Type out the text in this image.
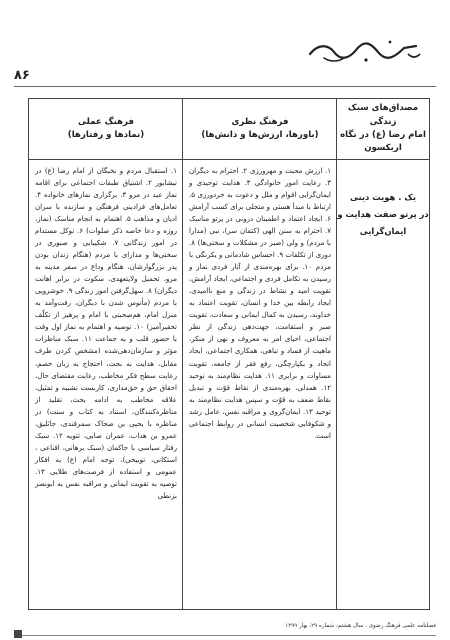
۸۶
مصداق‌های سبک زندگی
امام رضا (ع) در نگاه
اربکسون
فرهنگ نظری
(باورها، ارزش‌ها و دانش‌ها)
فرهنگ عملی
(نمادها و رفتارها)
یک . هویت دینی
در پرتو صفت هدایت و
ایمان‌گرایی

۱. ارزش محبت و مهرورزی ۲. احترام به دیگران ۳. رعایت امور خانوادگی ۴. هدایت توحیدی و ایمان‌گرایی اقوام و ملل و دعوت به خردورزی ۵. ارتباط با مبدأ هستی و متجلی برای کسب آرامش ۶. ایجاد اعتماد و اطمینان درونی در پرتو مناسک ۷. احترام به سنن الهی (کتمان سر)، نبی (مدارا با مردم) و ولی (صبر در مشکلات و سختی‌ها) ۸. دوری از تکلفات ۹. احساس شادمانی و یکرنگی با مردم ۱۰. برای بهره‌مندی از آثار فردی نماز و رسیدن به تکامل فردی و اجتماعی، ایجاد آرامش، تقویت امید و نشاط در زندگی و منع ناامیدی، ایجاد رابطه بین خدا و انسان، تقویت اعتماد به خداوند، رسیدن به کمال ایمانی و سعادت، تقویت صبر و استقامت، جهت‌دهی زندگی از نظر اجتماعی، احیای امر به معروف و نهی از منکر، ماهیت از فساد و تباهی، همکاری اجتماعی، ایجاد اتحاد و یکپارچگی، رفع فقر از جامعه، تقویت مساوات و برابری ۱۱. هدایت نظام‌مند به توحید ۱۲. همدلی، بهره‌مندی از نقاط قوّت و تبدیل نقاط ضعف به قوّت و سپس هدایت نظام‌مند به توحید ۱۳. ایمان‌گروی و مراقبه نفس، عامل رشد و شکوفایی شخصیت انسانی در روابط اجتماعی است.

۱. استقبال مردم و نخبگان از امام رضا (ع) در نیشابور ۲. اشتیاق طبقات اجتماعی برای اقامه نماز عید در مرو ۳. برگزاری نمازهای خانواده ۴. تعامل‌های فرادینی فرهنگی و سازنده با سران ادیان و مذاهب ۵. اهتمام به انجام مناسک (نماز، روزه و دعا خاصه ذکر صلوات) ۶. توکل مستدام در امور زندگانی ۷. شکیبایی و صبوری در سختی‌ها و مدارای با مردم (هنگام زندان بودن پدر بزرگوارشان، هنگام وداع در سفر مدینه به مرو، تحمیل ولایتعهدی، سکوت در برابر اهانت دیگران) ۸. سهل‌گرفتن امور زندگی ۹. خوشرویی با مردم (مأنوس شدن با دیگران، رفت‌وآمد به منزل امام، هم‌صحبتی با امام و پرهیز از تکلّف تحقیرآمیز) ۱۰. توصیه و اهتمام به نماز اول وقت با حضور قلب و به جماعت ۱۱. سبک مناظرات مؤثر و سازمان‌دهی‌شده (مشخص کردن طرف مقابل، هدایت به بحث، احتجاج به زبان خصم، رعایت سطح فکر مخاطب، رعایت مقتضای حال، احقاق حق و حق‌مداری، کاربست تشبیه و تمثیل، علاقه مخاطب به ادامه بحث، تقلید از مناظره‌کنندگان، استناد به کتاب و سنت) در مناظره با یحیی بن ضحاک سمرقندی، جاثلیق، عمرو بن هداب، عمران صابی، ثنویه ۱۲. سبک رفتار سیاسی با حاکمان (سبک برهانی، اقناعی ، استکانی، توبیخی)، توجه امام (ع) به افکار عمومی و استفاده از فرصت‌های طلایی ۱۳. توصیه به تقویت ایمانی و مراقبه نفس به ابونصر بزنطی

فصلنامه علمی فرهنگ رضوی . سال هشتم، شماره ۲۹، بهار ۱۳۹۹
